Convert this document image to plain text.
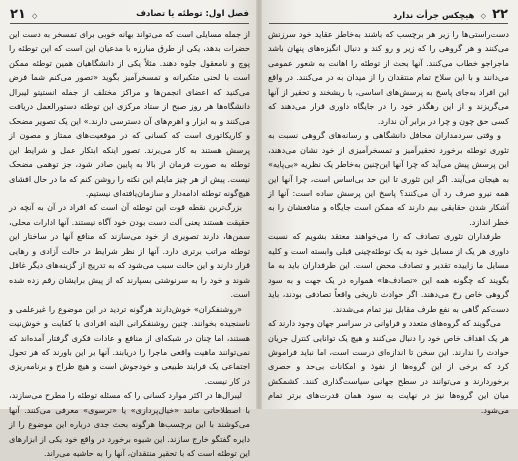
فصل اول: توطئه یا تصادف
◇ ۲۱

از جمله مسایلی است که می‌تواند بهانه خوبی برای تمسخر به دست این حضرات بدهد، یکی از طرق مبارزه با مدعیان این است که این توطئه را پوچ و نامعقول جلوه دهند. مثلاً یکی از دانشگاهیان همین توطئه ممکن است با لحنی متکبرانه و تمسخرآمیز بگوید «تصور می‌کنم شما فرض می‌کنید که اعضای انجمن‌ها و مراکز مختلف از جمله انستیتو لیبرال دانشگاه‌ها هر روز صبح از ستاد مرکزی این توطئه دستورالعمل دریافت می‌کنند و به ابزار و اهرم‌های آن دسترسی دارند.» این یک تصویر مضحک و کاریکاتوری است که کسانی که در موقعیت‌های ممتاز و مصون از پرسش هستند به کار می‌برند. تصور اینکه ابتکار عمل و شرایط این توطئه به صورت فرمان از بالا به پایین صادر شود، جز توهمی مضحک نیست. پیش از هر چیز مایلم این نکته را روشن کنم که ما در حال افشای هیچ‌گونه توطئه ادامه‌دار و سازمان‌یافته‌ای نیستیم.

بزرگ‌ترین نقطه قوت این توطئه آن است که افراد در آن به آنچه در حقیقت هستند یعنی آلت دست بودن خود آگاه نیستند. آنها ادارات محلی، سمن‌ها، دارند تصویری از خود می‌سازند که منافع آنها در ساختار این توطئه مراتب برتری دارد. آنها از نظر شرایط در حالت آزادی و رهایی قرار دارند و این حالت سبب می‌شود که به تدریج از گزینه‌های دیگر غافل شوند و خود را به سرنوشتی بسپارند که از پیش برایشان رقم زده شده است.

«روشنفکران» خوش‌دارند هرگونه تردید در این موضوع را غیرعلمی و ناسنجیده بخوانند. چنین روشنفکرانی البته افرادی با کفایت و خوش‌نیت هستند، اما چنان در شبکه‌ای از منافع و عادات فکری گرفتار آمده‌اند که نمی‌توانند ماهیت واقعی ماجرا را دریابند. آنها بر این باورند که هر تحول اجتماعی یک فرایند طبیعی و خودجوش است و هیچ طراح و برنامه‌ریزی در کار نیست.

لیبرال‌ها در اکثر موارد کسانی را که مسئله توطئه را مطرح می‌سازند، با اصطلاحاتی مانند «خیال‌پردازی» یا «ترسوی» معرفی می‌کنند. آنها می‌کوشند با این برچسب‌ها هرگونه بحث جدی درباره این موضوع را از دایره گفتگو خارج سازند. این شیوه برخورد در واقع خود یکی از ابزارهای این توطئه است که با تحقیر منتقدان، آنها را به حاشیه می‌راند.

۲۲ ◇ هیچکس جرأت ندارد

دست‌راستی‌ها را زیر هر برچسب که باشند به‌خاطر عقاید خود سرزنش می‌کنند و هر گروهی را که زیر و رو کند و دنبال انگیزه‌های پنهان باشد ماجراجو خطاب می‌کنند. آنها بحث از توطئه را اهانت به شعور عمومی می‌دانند و با این سلاح تمام منتقدان را از میدان به در می‌کنند. در واقع این افراد به‌جای پاسخ به پرسش‌های اساسی، با ریشخند و تحقیر از آنها می‌گریزند و از این رهگذر خود را در جایگاه داوری قرار می‌دهند که کسی حق چون و چرا در برابر آن ندارد.

و وقتی سردمداران محافل دانشگاهی و رسانه‌های گروهی نسبت به تئوری توطئه برخورد تحقیرآمیز و تمسخرآمیزی از خود نشان می‌دهند، این پرسش پیش می‌آید که چرا آنها این‌چنین به‌خاطر یک نظریه «بی‌پایه» به هیجان می‌آیند. اگر این تئوری تا این حد بی‌اساس است، چرا آنها این همه نیرو صرف رد آن می‌کنند؟ پاسخ این پرسش ساده است: آنها از آشکار شدن حقایقی بیم دارند که ممکن است جایگاه و منافعشان را به خطر اندازد.

طرفداران تئوری تصادف که را می‌خواهند معتقد بشویم که نسبت داوری هر یک از مسایل خود به یک توطئه‌چینی قبلی وابسته است و کلیه مسایل ما زاییده تقدیر و تصادف محض است. این طرفداران باید به ما بگویند که چگونه همه این «تصادف‌ها» همواره در یک جهت و به سود گروهی خاص رخ می‌دهند. اگر حوادث تاریخی واقعاً تصادفی بودند، باید دست‌کم گاهی به نفع طرف مقابل نیز تمام می‌شدند.

می‌گویند که گروه‌های متعدد و فراوانی در سراسر جهان وجود دارند که هر یک اهداف خاص خود را دنبال می‌کنند و هیچ یک توانایی کنترل جریان حوادث را ندارند. این سخن تا اندازه‌ای درست است، اما نباید فراموش کرد که برخی از این گروه‌ها از نفوذ و امکانات بی‌حد و حصری برخوردارند و می‌توانند در سطح جهانی سیاست‌گذاری کنند. کشمکش میان این گروه‌ها نیز در نهایت به سود همان قدرت‌های برتر تمام می‌شود.
